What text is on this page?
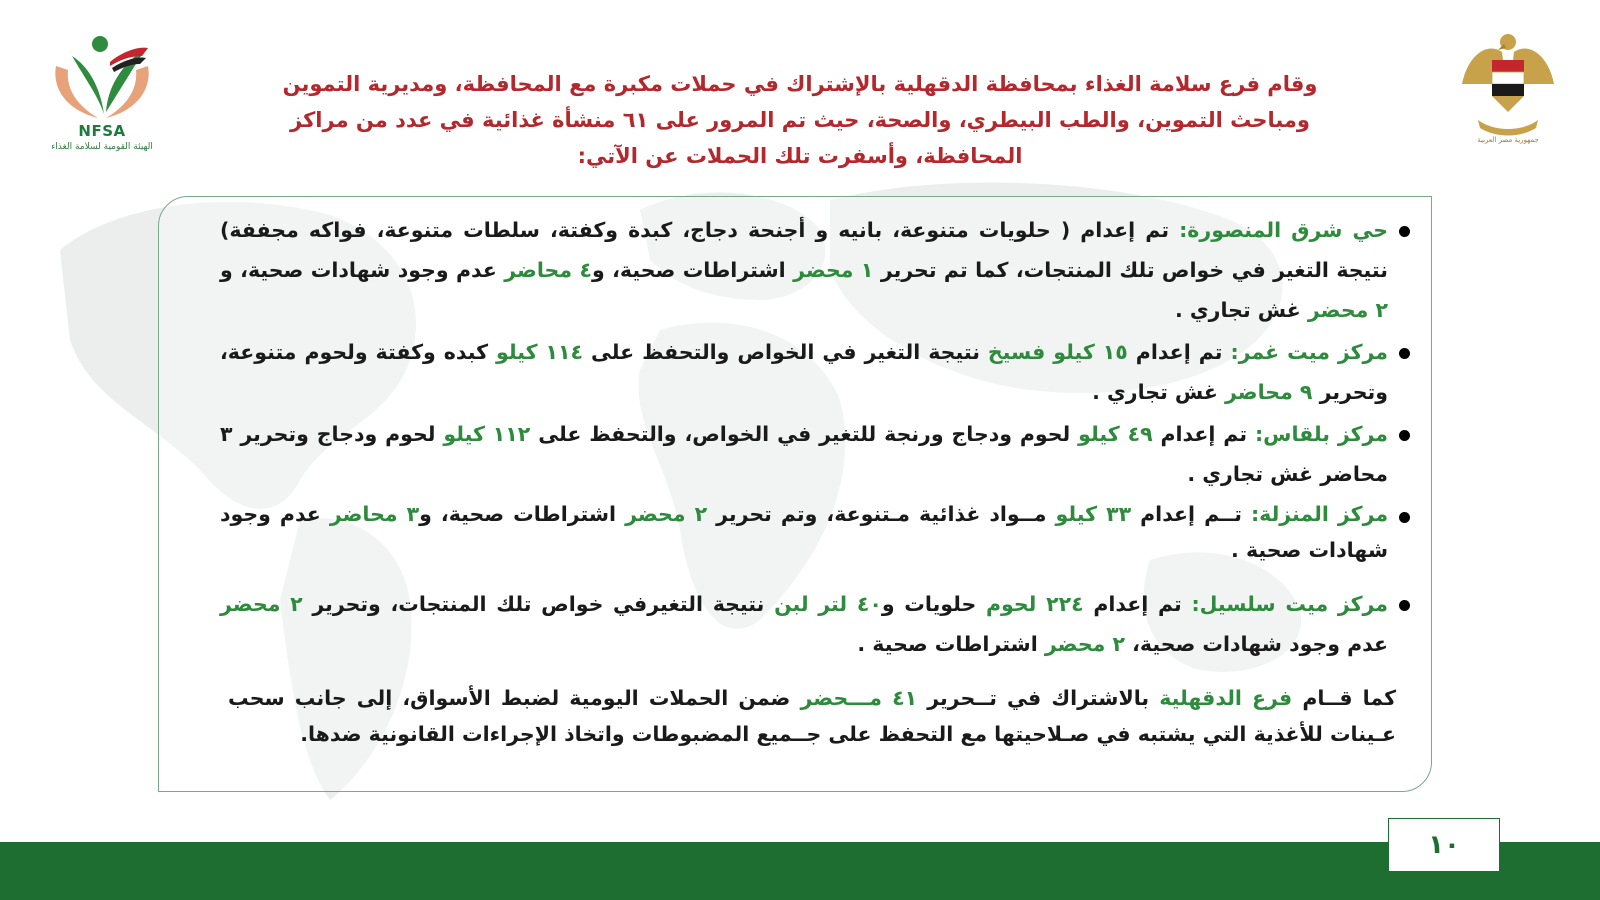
NFSA
الهيئة القومية لسلامة الغذاء
جمهورية مصر العربية
وقام فرع سلامة الغذاء بمحافظة الدقهلية بالإشتراك في حملات مكبرة مع المحافظة، ومديرية التموين ومباحث التموين، والطب البيطري، والصحة، حيث تم المرور على ٦١ منشأة غذائية في عدد من مراكز المحافظة، وأسفرت تلك الحملات عن الآتي:
حي شرق المنصورة: تم إعدام ( حلويات متنوعة، بانيه و أجنحة دجاج، كبدة وكفتة، سلطات متنوعة، فواكه مجففة) نتيجة التغير في خواص تلك المنتجات، كما تم تحرير ١ محضر اشتراطات صحية، و٤ محاضر عدم وجود شهادات صحية، و ٢ محضر غش تجاري .
مركز ميت غمر: تم إعدام ١٥ كيلو فسيخ نتيجة التغير في الخواص والتحفظ على ١١٤ كيلو كبده وكفتة ولحوم متنوعة، وتحرير ٩ محاضر غش تجاري .
مركز بلقاس: تم إعدام ٤٩ كيلو لحوم ودجاج ورنجة للتغير في الخواص، والتحفظ على ١١٢ كيلو لحوم ودجاج وتحرير ٣ محاضر غش تجاري .
مركز المنزلة: تــم إعدام ٣٣ كيلو مــواد غذائية مـتنوعة، وتم تحرير ٢ محضر اشتراطات صحية، و٣ محاضر عدم وجود شهادات صحية .
مركز ميت سلسيل: تم إعدام ٢٢٤ لحوم حلويات و٤٠ لتر لبن نتيجة التغيرفي خواص تلك المنتجات، وتحرير ٢ محضر عدم وجود شهادات صحية، ٢ محضر اشتراطات صحية .
كما قــام فرع الدقهلية بالاشتراك في تــحرير ٤١ مـــحضر ضمن الحملات اليومية لضبط الأسواق، إلى جانب سحب عـينات للأغذية التي يشتبه في صـلاحيتها مع التحفظ على جــميع المضبوطات واتخاذ الإجراءات القانونية ضدها.
١٠
